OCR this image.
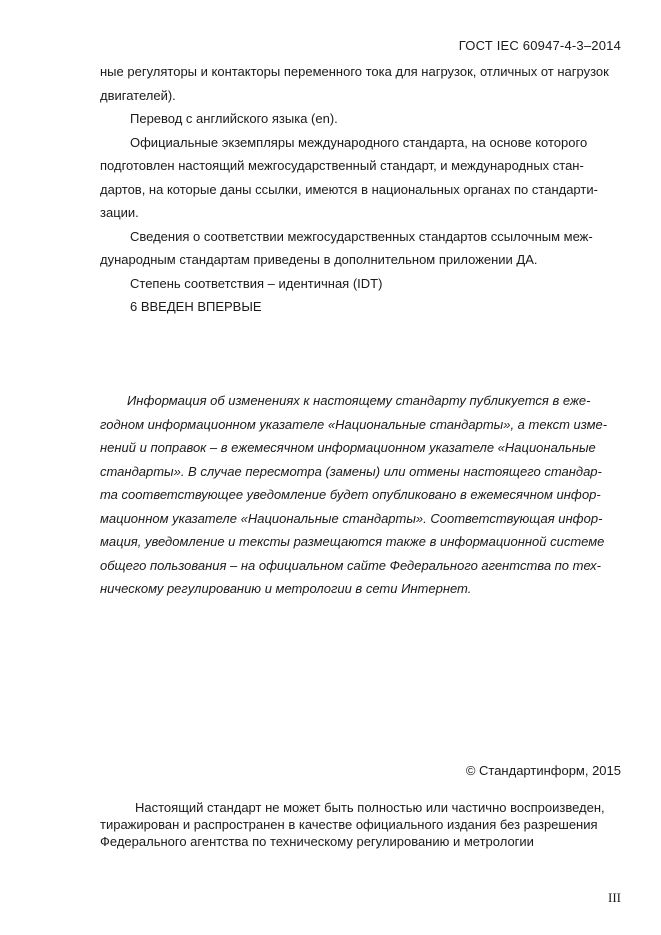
ГОСТ IEC 60947-4-3–2014
ные регуляторы и контакторы переменного тока для нагрузок, отличных от нагрузок
двигателей).
Перевод с английского языка (en).
Официальные экземпляры международного стандарта, на основе которого
подготовлен настоящий межгосударственный стандарт, и международных стан-
дартов, на которые даны ссылки, имеются в национальных органах по стандарти-
зации.
Сведения о соответствии межгосударственных стандартов ссылочным меж-
дународным стандартам приведены в дополнительном приложении ДА.
Степень соответствия – идентичная (IDT)
6 ВВЕДЕН ВПЕРВЫЕ
Информация об изменениях к настоящему стандарту публикуется в еже-
годном информационном указателе «Национальные стандарты», а текст изме-
нений и поправок – в ежемесячном информационном указателе «Национальные
стандарты». В случае пересмотра (замены) или отмены настоящего стандар-
та соответствующее уведомление будет опубликовано в ежемесячном инфор-
мационном указателе «Национальные стандарты». Соответствующая инфор-
мация, уведомление и тексты размещаются также в информационной системе
общего пользования – на официальном сайте Федерального агентства по тех-
ническому регулированию и метрологии в сети Интернет.
© Стандартинформ, 2015
Настоящий стандарт не может быть полностью или частично воспроизведен,
тиражирован и распространен в качестве официального издания без разрешения
Федерального агентства по техническому регулированию и метрологии
III
